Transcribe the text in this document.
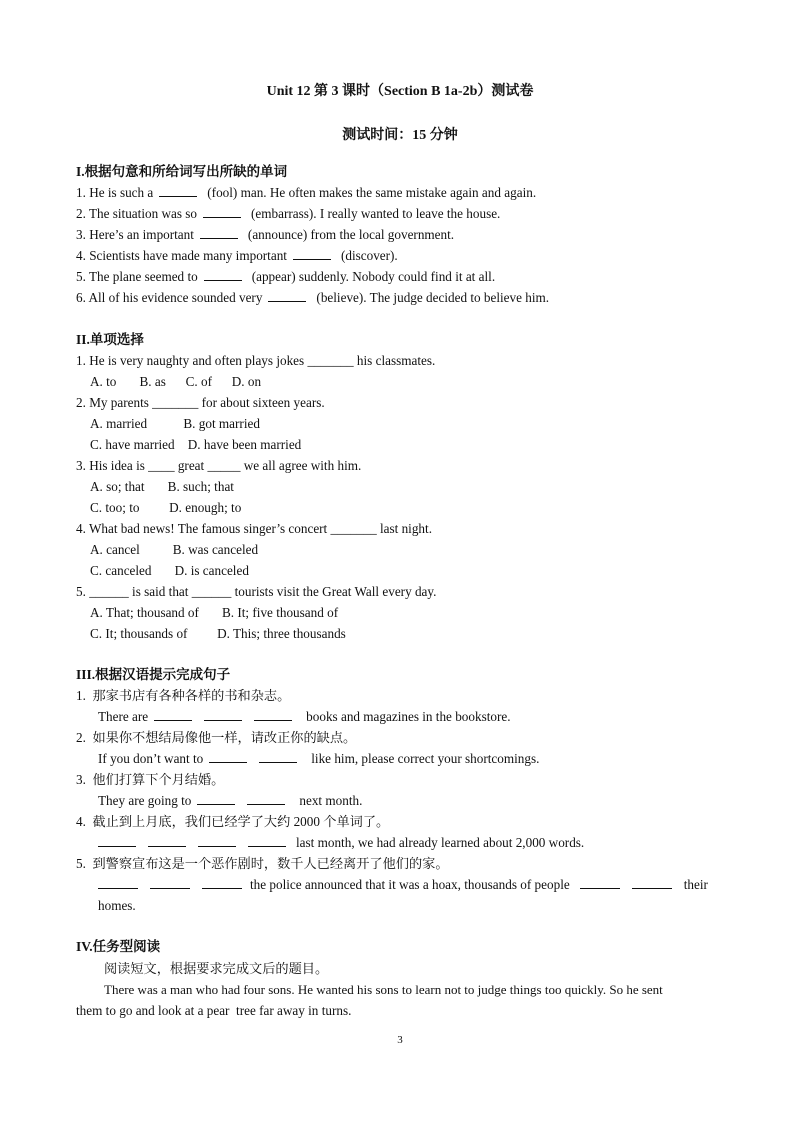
Unit 12 第 3 课时（Section B 1a-2b）测试卷
测试时间：15 分钟
I.根据句意和所给词写出所缺的单词
1. He is such a	(fool) man. He often makes the same mistake again and again.
2. The situation was so	(embarrass). I really wanted to leave the house.
3. Here’s an important	(announce) from the local government.
4. Scientists have made many important	(discover).
5. The plane seemed to	(appear) suddenly. Nobody could find it at all.
6. All of his evidence sounded very	(believe). The judge decided to believe him.
II.单项选择
1. He is very naughty and often plays jokes _______ his classmates.
A. to       B. as      C. of      D. on
2. My parents _______ for about sixteen years.
A. married           B. got married
C. have married    D. have been married
3. His idea is ____ great _____ we all agree with him.
A. so; that       B. such; that
C. too; to         D. enough; to
4. What bad news! The famous singer’s concert _______ last night.
A. cancel          B. was canceled
C. canceled       D. is canceled
5. ______ is said that ______ tourists visit the Great Wall every day.
A. That; thousand of       B. It; five thousand of
C. It; thousands of         D. This; three thousands
III.根据汉语提示完成句子
1.  那家书店有各种各样的书和杂志。
There are	books and magazines in the bookstore.
2.  如果你不想结局像他一样，请改正你的缺点。
If you don’t want to	like him, please correct your shortcomings.
3.  他们打算下个月结婚。
They are going to	next month.
4.  截止到上月底，我们已经学了大约 2000 个单词了。
last month, we had already learned about 2,000 words.
5.  到警察宣布这是一个恶作剧时，数千人已经离开了他们的家。
the police announced that it was a hoax, thousands of people	their
homes.
IV.任务型阅读
阅读短文，根据要求完成文后的题目。
There was a man who had four sons. He wanted his sons to learn not to judge things too quickly. So he sent
them to go and look at a pear  tree far away in turns.
3
